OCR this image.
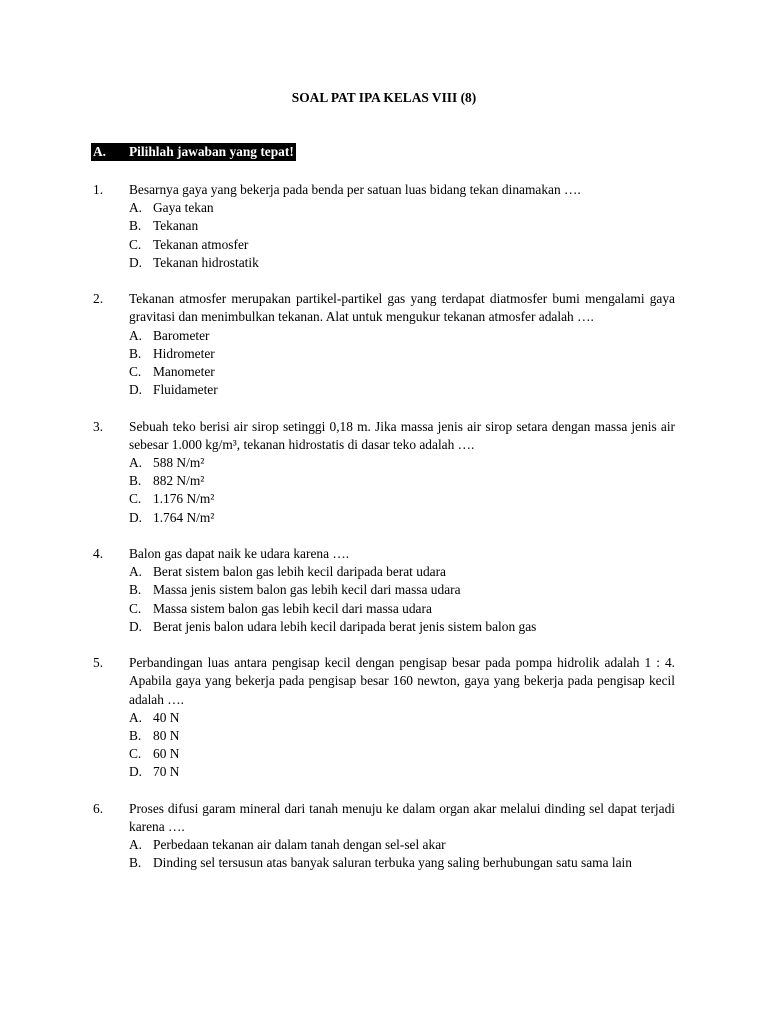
SOAL PAT IPA KELAS VIII (8)
A. Pilihlah jawaban yang tepat!
1.	Besarnya gaya yang bekerja pada benda per satuan luas bidang tekan dinamakan ….
A. Gaya tekan
B. Tekanan
C. Tekanan atmosfer
D. Tekanan hidrostatik
2.	Tekanan atmosfer merupakan partikel-partikel gas yang terdapat diatmosfer bumi mengalami gaya gravitasi dan menimbulkan tekanan. Alat untuk mengukur tekanan atmosfer adalah ….
A. Barometer
B. Hidrometer
C. Manometer
D. Fluidameter
3.	Sebuah teko berisi air sirop setinggi 0,18 m. Jika massa jenis air sirop setara dengan massa jenis air sebesar 1.000 kg/m³, tekanan hidrostatis di dasar teko adalah ….
A. 588 N/m²
B. 882 N/m²
C. 1.176 N/m²
D. 1.764 N/m²
4.	Balon gas dapat naik ke udara karena ….
A. Berat sistem balon gas lebih kecil daripada berat udara
B. Massa jenis sistem balon gas lebih kecil dari massa udara
C. Massa sistem balon gas lebih kecil dari massa udara
D. Berat jenis balon udara lebih kecil daripada berat jenis sistem balon gas
5.	Perbandingan luas antara pengisap kecil dengan pengisap besar pada pompa hidrolik adalah 1 : 4. Apabila gaya yang bekerja pada pengisap besar 160 newton, gaya yang bekerja pada pengisap kecil adalah ….
A. 40 N
B. 80 N
C. 60 N
D. 70 N
6.	Proses difusi garam mineral dari tanah menuju ke dalam organ akar melalui dinding sel dapat terjadi karena ….
A. Perbedaan tekanan air dalam tanah dengan sel-sel akar
B. Dinding sel tersusun atas banyak saluran terbuka yang saling berhubungan satu sama lain
